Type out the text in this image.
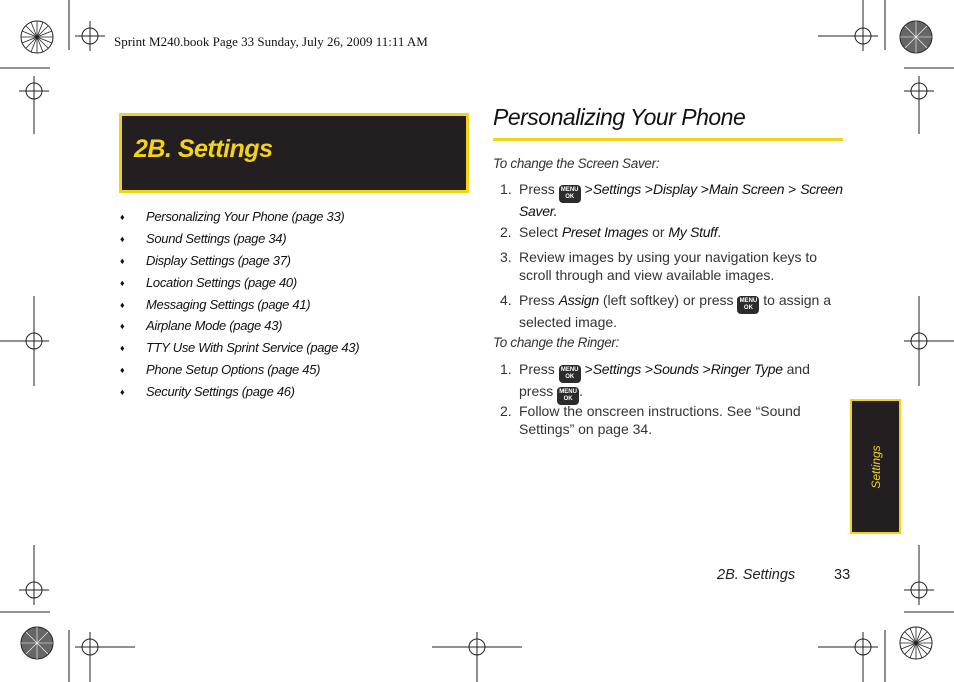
Sprint M240.book Page 33 Sunday, July 26, 2009 11:11 AM
2B. Settings
♦ Personalizing Your Phone (page 33)
♦ Sound Settings (page 34)
♦ Display Settings (page 37)
♦ Location Settings (page 40)
♦ Messaging Settings (page 41)
♦ Airplane Mode (page 43)
♦ TTY Use With Sprint Service (page 43)
♦ Phone Setup Options (page 45)
♦ Security Settings (page 46)
Personalizing Your Phone
To change the Screen Saver:
1. Press MENU
OK >Settings >Display >Main Screen > Screen Saver.
2. Select Preset Images or My Stuff.
3. Review images by using your navigation keys to scroll through and view available images.
4. Press Assign (left softkey) or press MENU
OK to assign a selected image.
To change the Ringer:
1. Press MENU
OK >Settings >Sounds >Ringer Type and
press MENU
OK .
2. Follow the onscreen instructions. See “Sound Settings” on page 34.
Settings
2B. Settings	33
